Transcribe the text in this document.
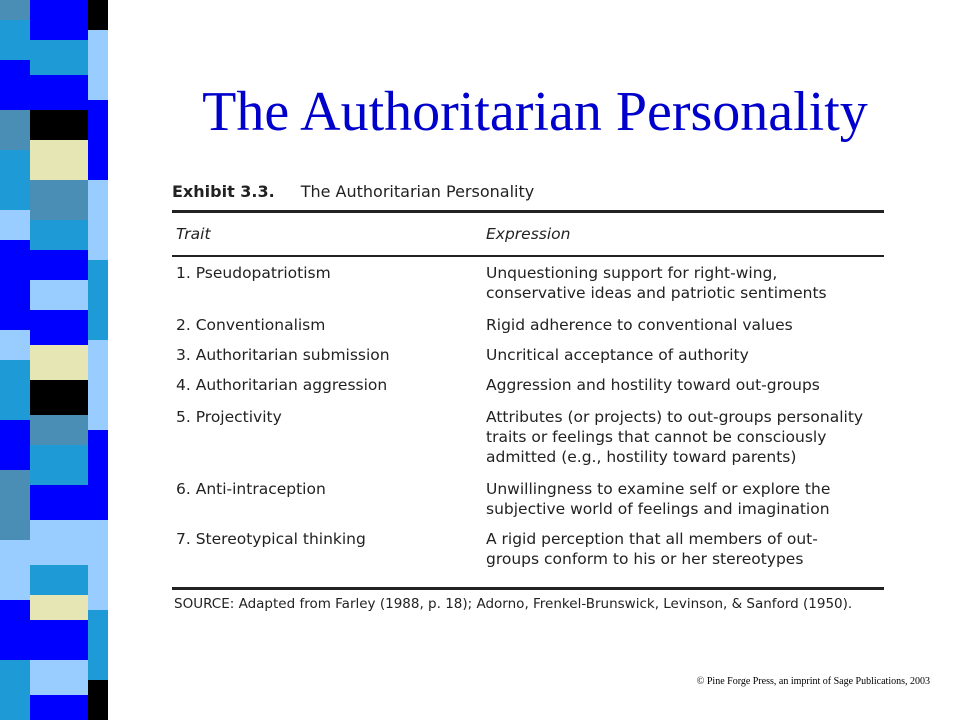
The Authoritarian Personality
Exhibit 3.3. The Authoritarian Personality
Trait	Expression
1. Pseudopatriotism	Unquestioning support for right-wing,
conservative ideas and patriotic sentiments
2. Conventionalism	Rigid adherence to conventional values
3. Authoritarian submission	Uncritical acceptance of authority
4. Authoritarian aggression	Aggression and hostility toward out-groups
5. Projectivity	Attributes (or projects) to out-groups personality
traits or feelings that cannot be consciously
admitted (e.g., hostility toward parents)
6. Anti-intraception	Unwillingness to examine self or explore the
subjective world of feelings and imagination
7. Stereotypical thinking	A rigid perception that all members of out-
groups conform to his or her stereotypes
SOURCE: Adapted from Farley (1988, p. 18); Adorno, Frenkel-Brunswick, Levinson, & Sanford (1950).
© Pine Forge Press, an imprint of Sage Publications, 2003
